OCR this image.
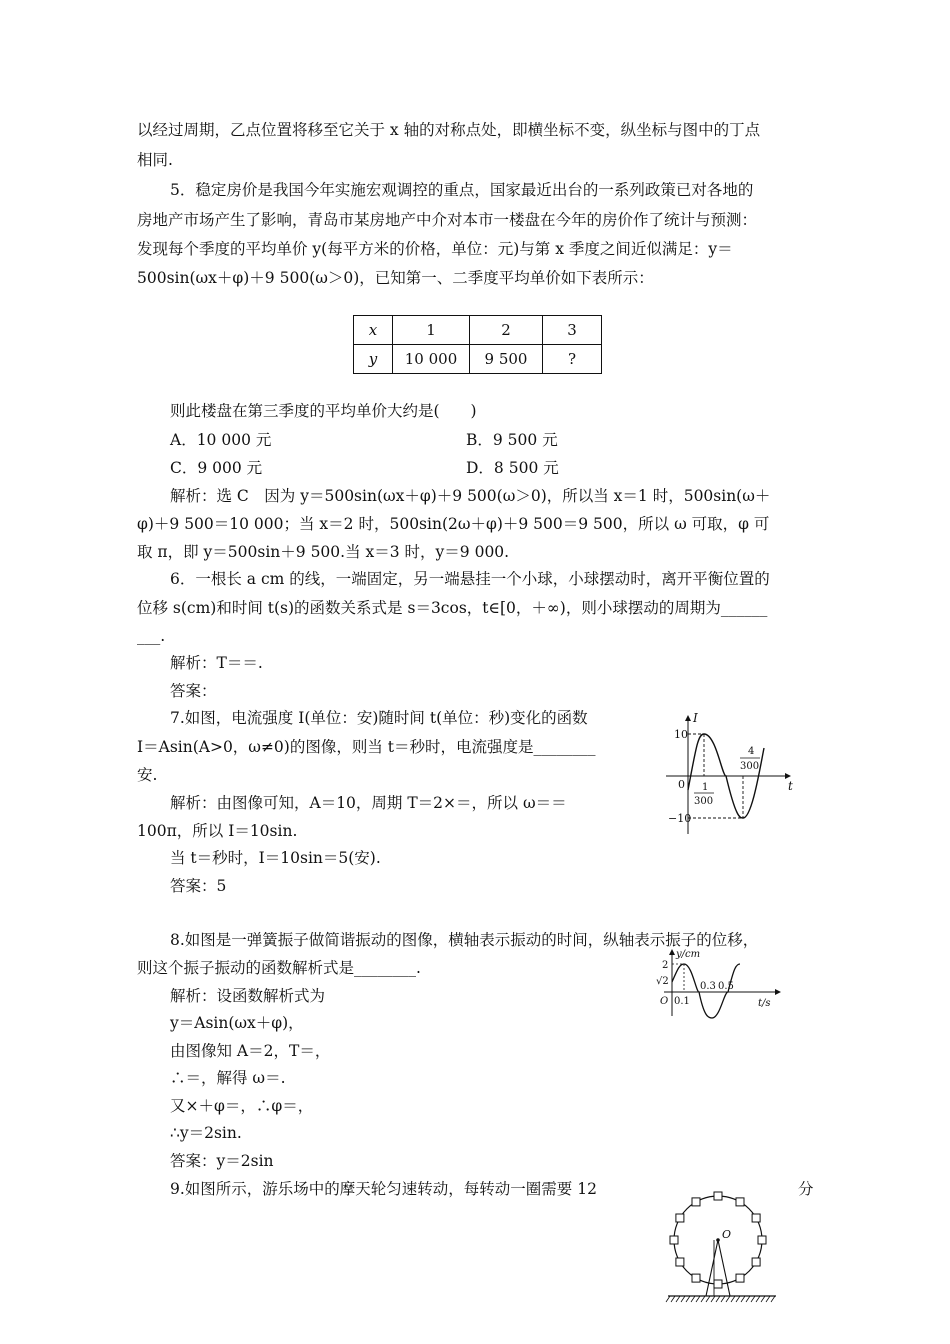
以经过周期，乙点位置将移至它关于 x 轴的对称点处，即横坐标不变，纵坐标与图中的丁点
相同.
5．稳定房价是我国今年实施宏观调控的重点，国家最近出台的一系列政策已对各地的
房地产市场产生了影响，青岛市某房地产中介对本市一楼盘在今年的房价作了统计与预测：
发现每个季度的平均单价 y(每平方米的价格，单位：元)与第 x 季度之间近似满足：y＝
500sin(ωx＋φ)＋9 500(ω＞0)，已知第一、二季度平均单价如下表所示：
x	1	2	3
y	10 000	9 500	?
则此楼盘在第三季度的平均单价大约是(　　)
A．10 000 元	B．9 500 元
C．9 000 元	D．8 500 元
解析：选 C　因为 y＝500sin(ωx＋φ)＋9 500(ω＞0)，所以当 x＝1 时，500sin(ω＋
φ)＋9 500＝10 000；当 x＝2 时，500sin(2ω＋φ)＋9 500＝9 500，所以 ω 可取，φ 可
取 π，即 y＝500sin＋9 500.当 x＝3 时，y＝9 000.
6．一根长 a cm 的线，一端固定，另一端悬挂一个小球，小球摆动时，离开平衡位置的
位移 s(cm)和时间 t(s)的函数关系式是 s＝3cos，t∈[0，＋∞)，则小球摆动的周期为______
___.
解析：T＝＝.
答案：
7.如图，电流强度 I(单位：安)随时间 t(单位：秒)变化的函数
I＝Asin(A>0，ω≠0)的图像，则当 t＝秒时，电流强度是________
安.
解析：由图像可知，A＝10，周期 T＝2×＝，所以 ω＝＝
100π，所以 I＝10sin.
当 t＝秒时，I＝10sin＝5(安).
答案：5
8.如图是一弹簧振子做简谐振动的图像，横轴表示振动的时间，纵轴表示振子的位移，
则这个振子振动的函数解析式是________.
解析：设函数解析式为
y＝Asin(ωx＋φ)，
由图像知 A＝2，T＝，
∴＝，解得 ω＝.
又×＋φ＝，∴φ＝，
∴y＝2sin.
答案：y＝2sin
9.如图所示，游乐场中的摩天轮匀速转动，每转动一圈需要 12	分
I
t
10
0
−10
1
300
4
300
y/cm
t/s
2
√2
O 0.1
0.3 0.5
O
